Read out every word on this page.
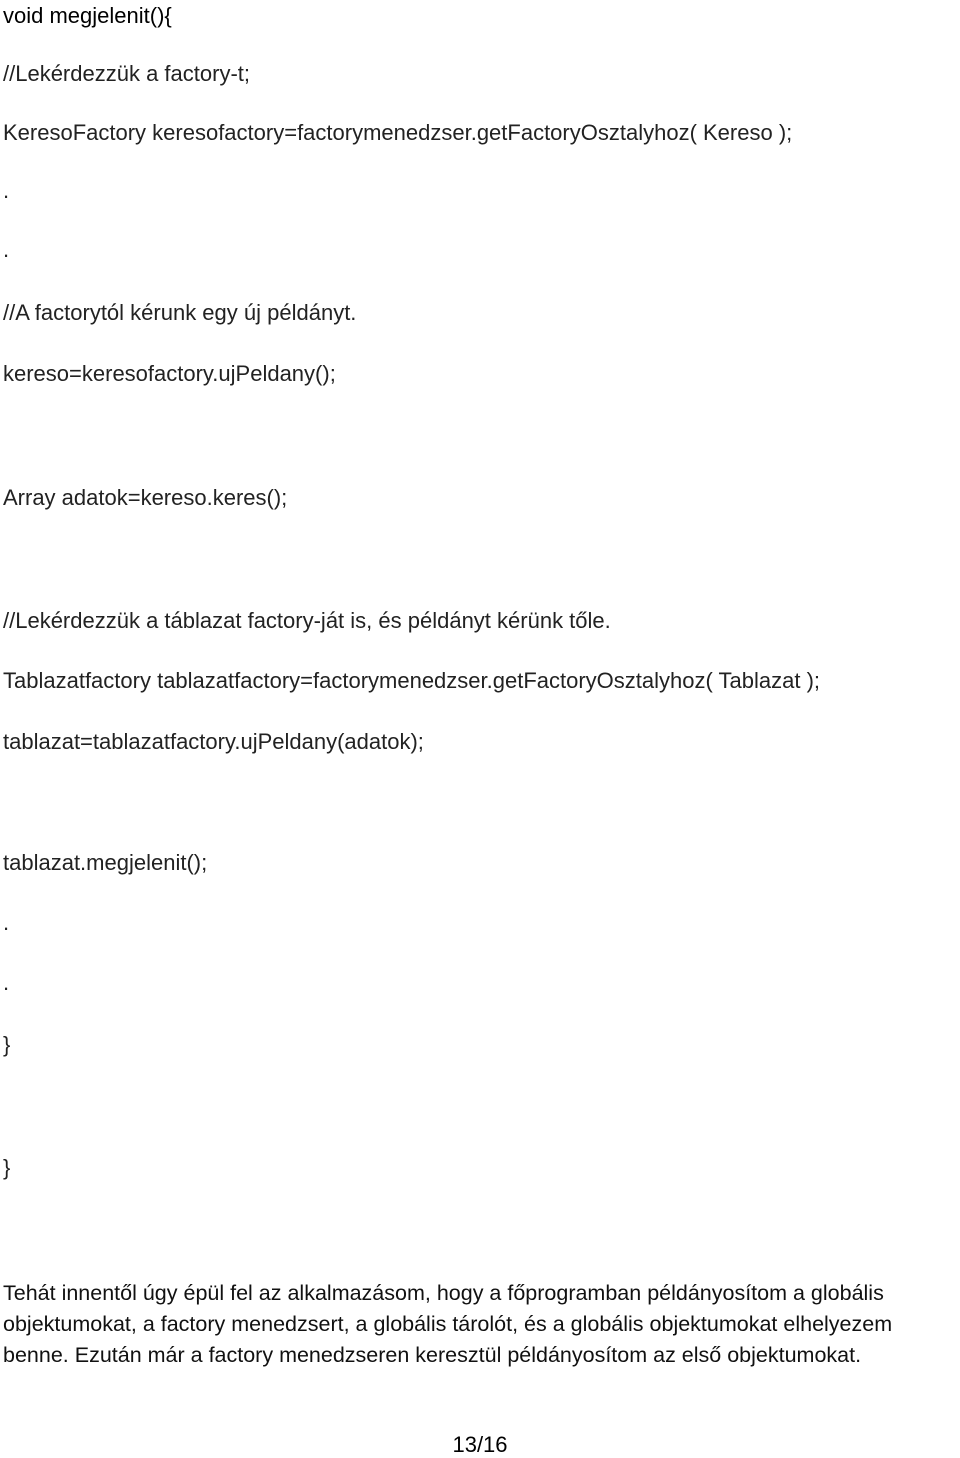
void megjelenit(){
//Lekérdezzük a factory-t;
KeresoFactory keresofactory=factorymenedzser.getFactoryOsztalyhoz( Kereso );
.
.
//A factorytól kérunk egy új példányt.
kereso=keresofactory.ujPeldany();
Array adatok=kereso.keres();
//Lekérdezzük a táblazat factory-ját is, és példányt kérünk tőle.
Tablazatfactory tablazatfactory=factorymenedzser.getFactoryOsztalyhoz( Tablazat );
tablazat=tablazatfactory.ujPeldany(adatok);
tablazat.megjelenit();
.
.
}
}
Tehát innentől úgy épül fel az alkalmazásom, hogy a főprogramban példányosítom a globális
objektumokat, a factory menedzsert, a globális tárolót, és a globális objektumokat elhelyezem
benne. Ezután már a factory menedzseren keresztül példányosítom az első objektumokat.
13/16
